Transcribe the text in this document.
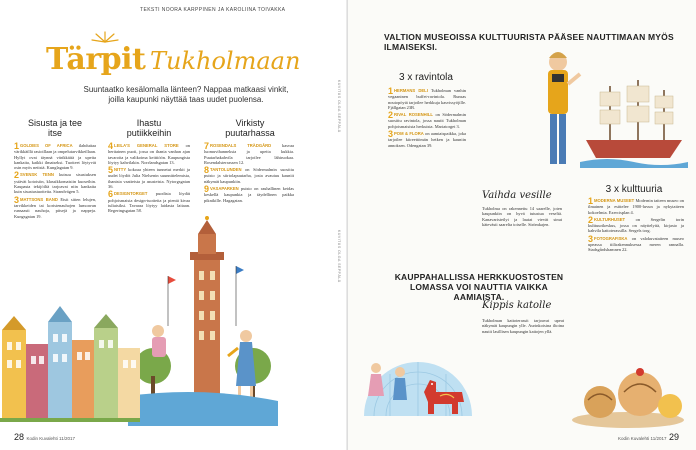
TEKSTI NOORA KARPPINEN JA KAROLIINA TOIVAKKA
Tärpit Tukholmaan
Suuntaatko kesälomalla länteen? Nappaa matkaasi vinkit, joilla kaupunki näyttää taas uudet puolensa.
Sisusta ja tee itse
1GOLDIES OF AFRICA ilahduttaa värikkäillä rasioillaan ja ompelutarvikkeillaan. Hyllyt ovat täynnä värikkäitä ja upeita kankaita, kaikki ilmaiseksi. Tuotteet löytyvät osin myös netistä. Kunglagatan 9.
2SVENSK TENN kutsuu sisustuksen ystävät kotoisiin, klassikkomaisiin kuoseihin. Kaupasta tekijöiltä tarjoavat niin kankaita kuin sisustustuotteita. Strandvägen 5.
3MATTSONS BAND Etsit sitten lelujen, tarvikkeiden tai koristenauhojen lumoavan runsaasti nauhoja, pitsejä ja nappeja. Kungsgatan 19.
Ihastu putiikkeihin
4LEILA'S GENERAL STORE on herttainen puoti, jossa on ihania vanhan ajan tavaroita ja valikoima keittiöön. Kaupungista löytyy kahvilakin. Norrlandsgatan 13.
5NITTY kokoaa yhteen tunnetut merkit ja uudet löydöt Julia Nielsenin suunnittelemista, ihanista vaatteista ja asusteista. Nytorgsgatan 36.
6DESIGNTORGET puodista löydät pohjoismaista design-tuotteita ja pientä kivaa tuliaisiksi. Tavaraa löytyy laidasta laitaan. Regeringsgatan 58.
Virkisty puutarhassa
7ROSENDALS TRÄDGÅRD kasvaa luomuvihanneksia ja upeita kukkia. Puutarhakahvila tarjoilee lähiruokaa. Rosendalsterrassen 12.
8TANTOLUNDEN on Södermalmin suosittu puisto ja siirtolapuutarha, josta avautuu kauniit näkymät kaupunkiin.
9VASAPARKEN puisto on rauhallinen keidas keskellä kaupunkia ja täydellinen paikka piknikille. Hagagatan.
KUVITUS OLGA SEPPÄLÄ
KUVITUS OLGA SEPPÄLÄ
28 Kodin Kuvalehti 11/2017
VALTION MUSEOISSA KULTTUURISTA PÄÄSEE NAUTTIMAAN MYÖS ILMAISEKSI.
3 x ravintola
1HERMANS DELI Tukholman vanhin vegaaninen buffet-ravintola. Runsas noutopöytä tarjoilee herkkuja kasvissyöjille. Fjällgatan 23B.
2RIVAL ROSENHILL on Södermalmin suosittu ravintola, jossa nautit Tukholman pohjoismaisista herkuista. Mariatorget 3.
3POM & FLORA on aamiaispaikka, joka tarjoilee kiireettömän hetken ja kauniin annoksen. Odengatan 39.
Vaihda vesille
Tukholma on rakennettu 14 saarelle, joten kaupunkiin on hyvä tutustua veseltä. Kanavaristeilyt ja lautat vievät sinut kätevästi saarelta toiselle. Strömkajen.
3 x kulttuuria
1MODERNA MUSEET Modernin taiteen museo on ilmainen ja esittelee 1900-luvun ja nykytaiteen kokoelmia. Exercisplan 4.
2KULTURHUSET on Sergelin torin kulttuurikeskus, jossa on näyttelyitä, kirjasto ja kahvila kattoterassilla. Sergels torg.
3FOTOGRAFISKA on valokuvataiteen museo upeassa tiilirakennuksessa meren rannalla. Stadsgårdshamnen 22.
KAUPPAHALLISSA HERKKUOSTOSTEN LOMASSA VOI NAUTTIA VAIKKA AAMIAISTA.
Kippis katolle
Tukholman kattoterassit tarjoavat upeat näkymät kaupungin ylle. Aurinkoisina iltoina nautit lasillisen kaupungin kattojen yllä.
Kodin Kuvalehti 11/2017 29
